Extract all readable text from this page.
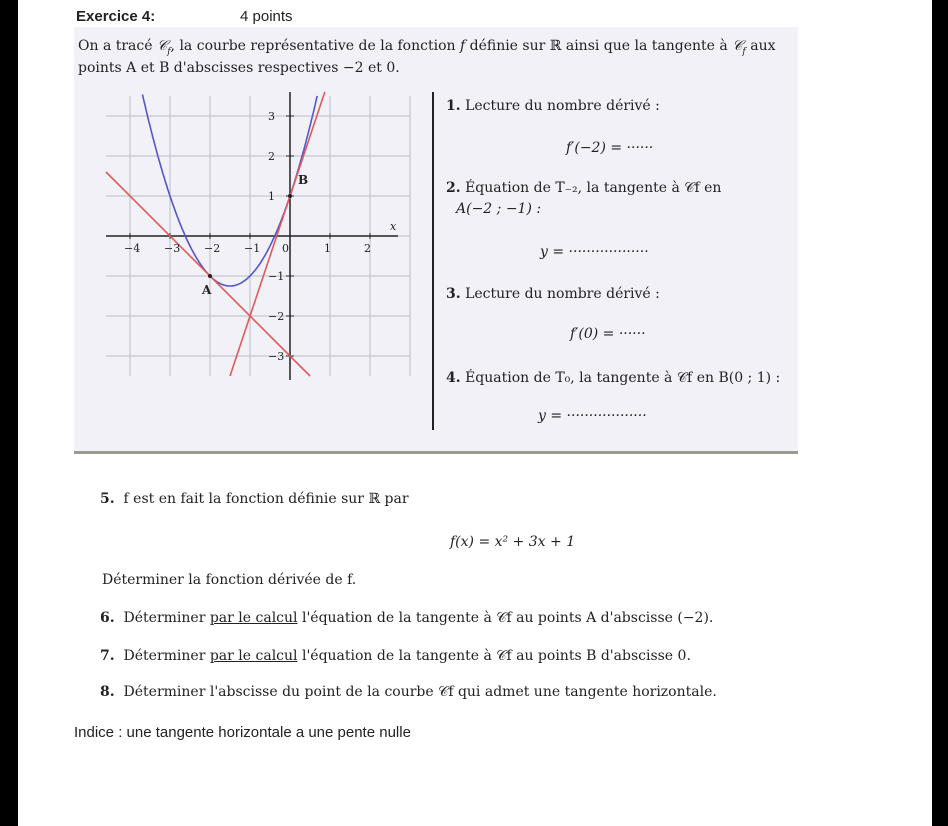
Exercice 4:	4 points
On a tracé 𝒞$_f$, la courbe représentative de la fonction f définie sur ℝ ainsi que la tangente à 𝒞$_f$ aux
points A et B d'abscisses respectives −2 et 0.
−4 −3 −2 −1 0	1	2
3
2
1
−1
−2
−3
x
A
B
1. Lecture du nombre dérivé :
f′(−2) = ······
2. Équation de T₋₂, la tangente à 𝒞f en
A(−2 ; −1) :
y = ··················
3. Lecture du nombre dérivé :
f′(0) = ······
4. Équation de T₀, la tangente à 𝒞f en B(0 ; 1) :
y = ··················
5. f est en fait la fonction définie sur ℝ par
f(x) = x² + 3x + 1
Déterminer la fonction dérivée de f.
6. Déterminer par le calcul l'équation de la tangente à 𝒞f au points A d'abscisse (−2).
7. Déterminer par le calcul l'équation de la tangente à 𝒞f au points B d'abscisse 0.
8. Déterminer l'abscisse du point de la courbe 𝒞f qui admet une tangente horizontale.
Indice : une tangente horizontale a une pente nulle
